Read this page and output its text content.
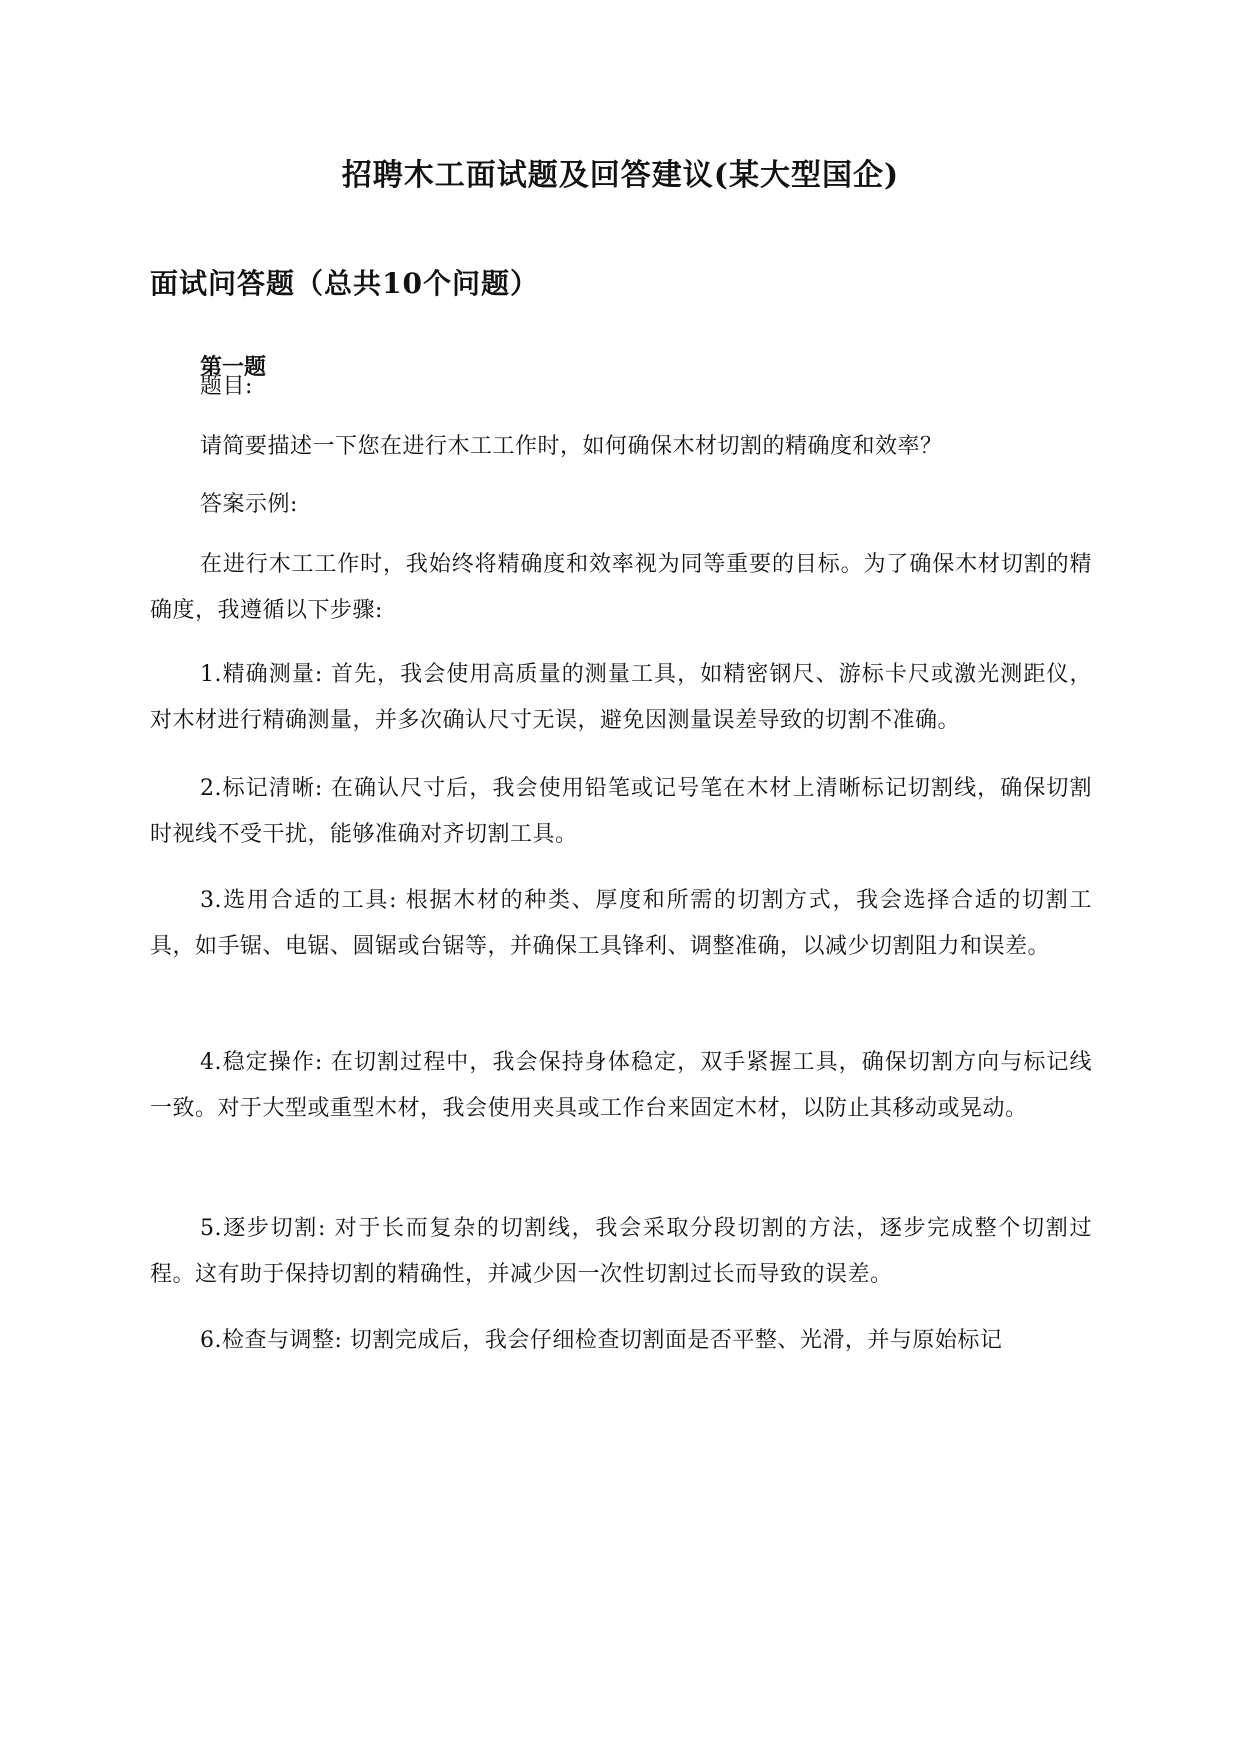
招聘木工面试题及回答建议(某大型国企)
面试问答题（总共10个问题）
第一题

题目:

请简要描述一下您在进行木工工作时，如何确保木材切割的精确度和效率？

答案示例:

在进行木工工作时，我始终将精确度和效率视为同等重要的目标。为了确保木材切割的精确度，我遵循以下步骤:

1.精确测量: 首先，我会使用高质量的测量工具，如精密钢尺、游标卡尺或激光测距仪，对木材进行精确测量，并多次确认尺寸无误，避免因测量误差导致的切割不准确。

2.标记清晰: 在确认尺寸后，我会使用铅笔或记号笔在木材上清晰标记切割线，确保切割时视线不受干扰，能够准确对齐切割工具。

3.选用合适的工具: 根据木材的种类、厚度和所需的切割方式，我会选择合适的切割工具，如手锯、电锯、圆锯或台锯等，并确保工具锋利、调整准确，以减少切割阻力和误差。

4.稳定操作: 在切割过程中，我会保持身体稳定，双手紧握工具，确保切割方向与标记线一致。对于大型或重型木材，我会使用夹具或工作台来固定木材，以防止其移动或晃动。

5.逐步切割: 对于长而复杂的切割线，我会采取分段切割的方法，逐步完成整个切割过程。这有助于保持切割的精确性，并减少因一次性切割过长而导致的误差。

6.检查与调整: 切割完成后，我会仔细检查切割面是否平整、光滑，并与原始标记
